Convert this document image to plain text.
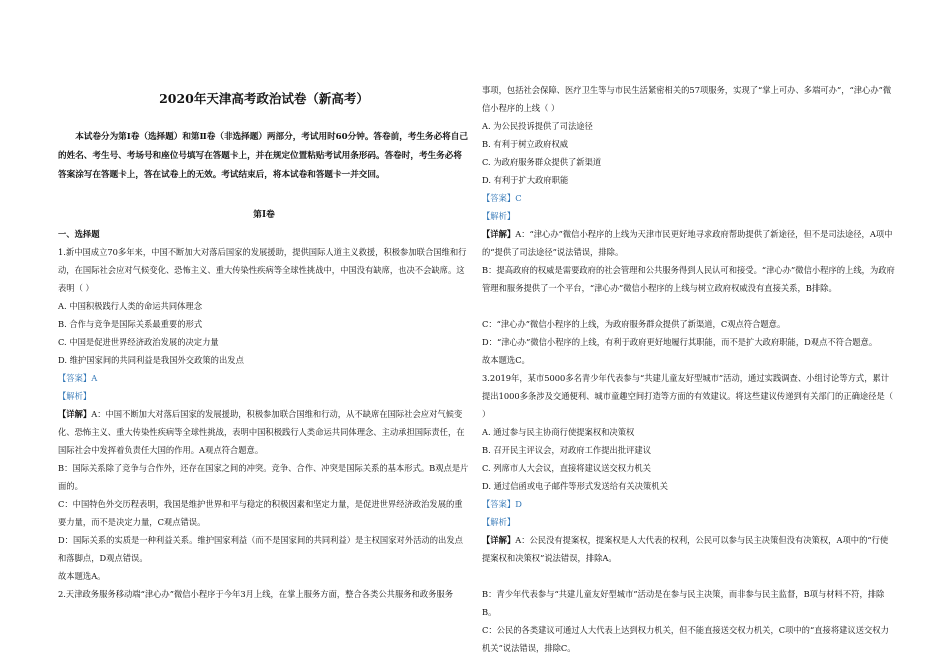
2020年天津高考政治试卷（新高考）
本试卷分为第Ⅰ卷（选择题）和第Ⅱ卷（非选择题）两部分，考试用时60分钟。答卷前，考生务必将自己的姓名、考生号、考场号和座位号填写在答题卡上，并在规定位置粘贴考试用条形码。答卷时，考生务必将答案涂写在答题卡上，答在试卷上的无效。考试结束后，将本试卷和答题卡一并交回。
第Ⅰ卷
一、选择题
1.新中国成立70多年来，中国不断加大对落后国家的发展援助，提供国际人道主义救援，积极参加联合国维和行动，在国际社会应对气候变化、恐怖主义、重大传染性疾病等全球性挑战中，中国没有缺席，也决不会缺席。这表明（ ）
A. 中国积极践行人类的命运共同体理念
B. 合作与竞争是国际关系最重要的形式
C. 中国是促进世界经济政治发展的决定力量
D. 维护国家间的共同利益是我国外交政策的出发点
【答案】A
【解析】
【详解】A：中国不断加大对落后国家的发展援助，积极参加联合国维和行动，从不缺席在国际社会应对气候变化、恐怖主义、重大传染性疾病等全球性挑战，表明中国积极践行人类命运共同体理念、主动承担国际责任，在国际社会中发挥着负责任大国的作用。A观点符合题意。
B：国际关系除了竞争与合作外，还存在国家之间的冲突。竞争、合作、冲突是国际关系的基本形式。B观点是片面的。
C：中国特色外交历程表明，我国是维护世界和平与稳定的积极因素和坚定力量，是促进世界经济政治发展的重要力量，而不是决定力量，C观点错误。
D：国际关系的实质是一种利益关系。维护国家利益（而不是国家间的共同利益）是主权国家对外活动的出发点和落脚点，D观点错误。
故本题选A。
2.天津政务服务移动端“津心办”微信小程序于今年3月上线，在掌上服务方面，整合各类公共服务和政务服务
事项，包括社会保障、医疗卫生等与市民生活紧密相关的57项服务，实现了“掌上可办、多端可办”，“津心办”微信小程序的上线（ ）
A. 为公民投诉提供了司法途径
B. 有利于树立政府权威
C. 为政府服务群众提供了新渠道
D. 有利于扩大政府职能
【答案】C
【解析】
【详解】A：“津心办”微信小程序的上线为天津市民更好地寻求政府帮助提供了新途径，但不是司法途径，A项中的“提供了司法途径”说法错误，排除。
B：提高政府的权威是需要政府的社会管理和公共服务得到人民认可和接受。“津心办”微信小程序的上线，为政府管理和服务提供了一个平台，“津心办”微信小程序的上线与树立政府权威没有直接关系，B排除。
C：“津心办”微信小程序的上线，为政府服务群众提供了新渠道，C观点符合题意。
D：“津心办”微信小程序的上线，有利于政府更好地履行其职能，而不是扩大政府职能，D观点不符合题意。
故本题选C。
3.2019年，某市5000多名青少年代表参与“共建儿童友好型城市”活动，通过实践调查、小组讨论等方式，累计提出1000多条涉及交通便利、城市童趣空间打造等方面的有效建议。将这些建议传递到有关部门的正确途径是（ ）
A. 通过参与民主协商行使提案权和决策权
B. 召开民主评议会，对政府工作提出批评建议
C. 列席市人大会议，直接将建议送交权力机关
D. 通过信函或电子邮件等形式发送给有关决策机关
【答案】D
【解析】
【详解】A：公民没有提案权，提案权是人大代表的权利，公民可以参与民主决策但没有决策权，A项中的“行使提案权和决策权”说法错误，排除A。
B：青少年代表参与“共建儿童友好型城市”活动是在参与民主决策，而非参与民主监督，B项与材料不符，排除B。
C：公民的各类建议可通过人大代表上达到权力机关，但不能直接送交权力机关，C项中的“直接将建议送交权力机关”说法错误，排除C。
